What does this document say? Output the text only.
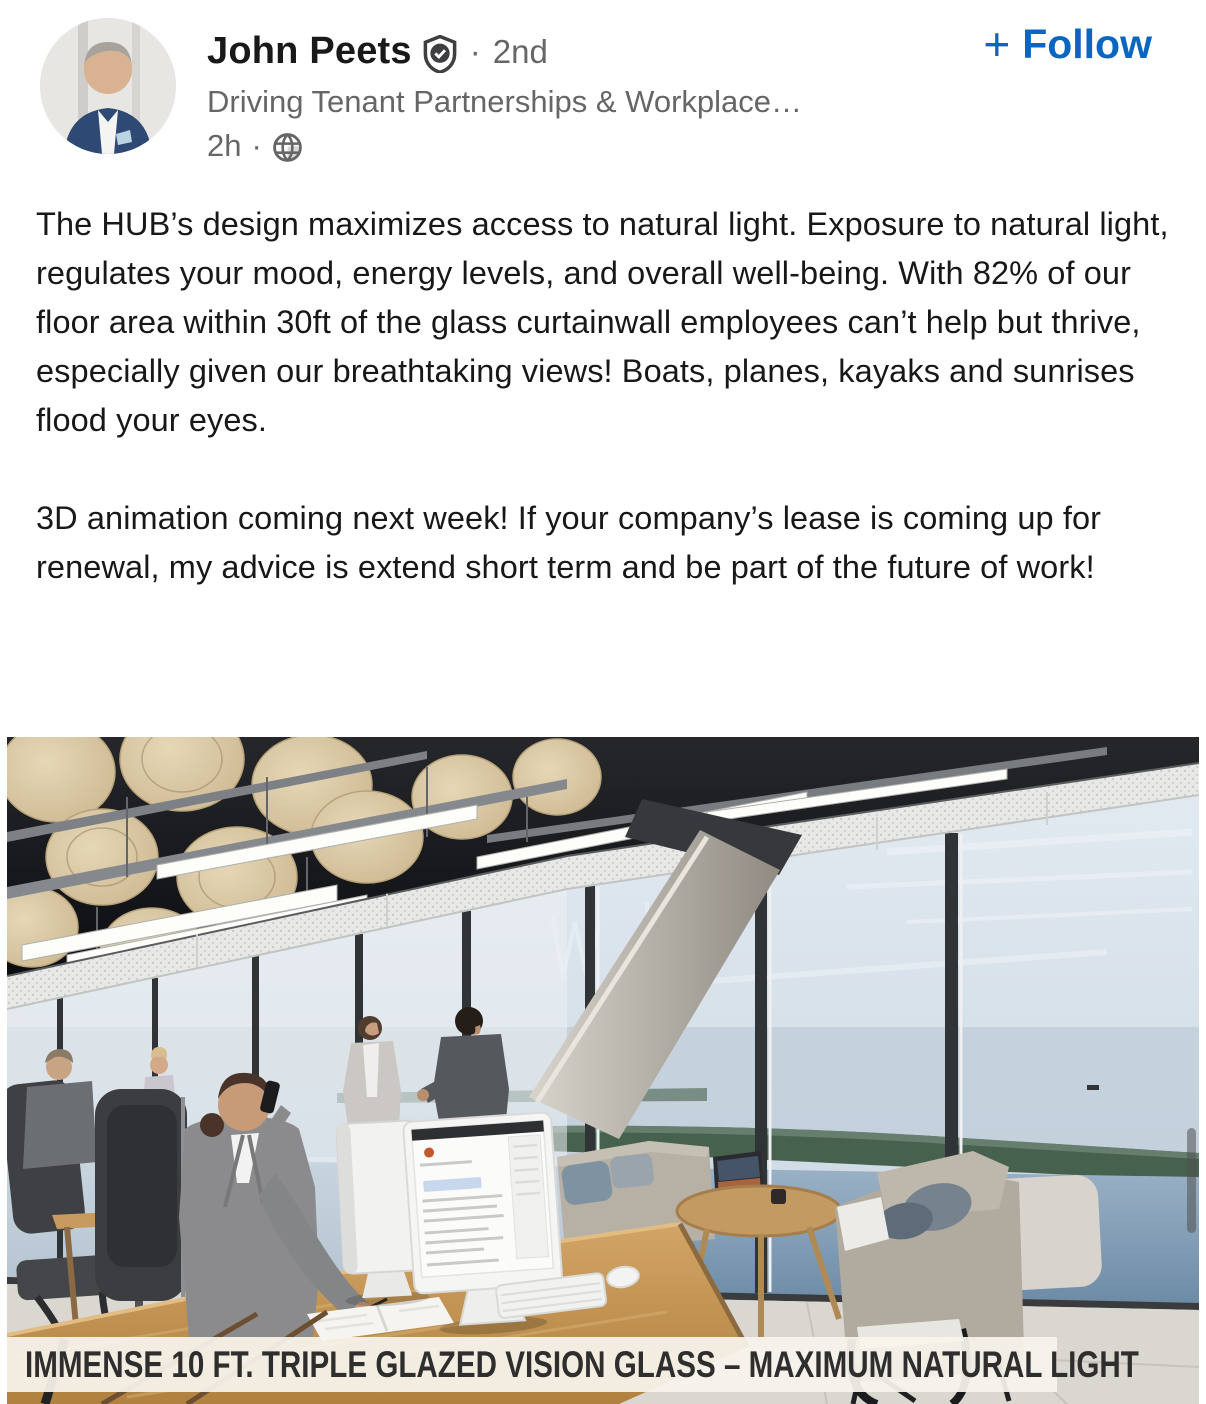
John Peets · 2nd
Driving Tenant Partnerships & Workplace…
2h ·
+ Follow

The HUB’s design maximizes access to natural light. Exposure to natural light, regulates your mood, energy levels, and overall well-being. With 82% of our floor area within 30ft of the glass curtainwall employees can’t help but thrive, especially given our breathtaking views! Boats, planes, kayaks and sunrises flood your eyes.

3D animation coming next week! If your company’s lease is coming up for renewal, my advice is extend short term and be part of the future of work!

IMMENSE 10 FT. TRIPLE GLAZED VISION GLASS – MAXIMUM NATURAL LIGHT
